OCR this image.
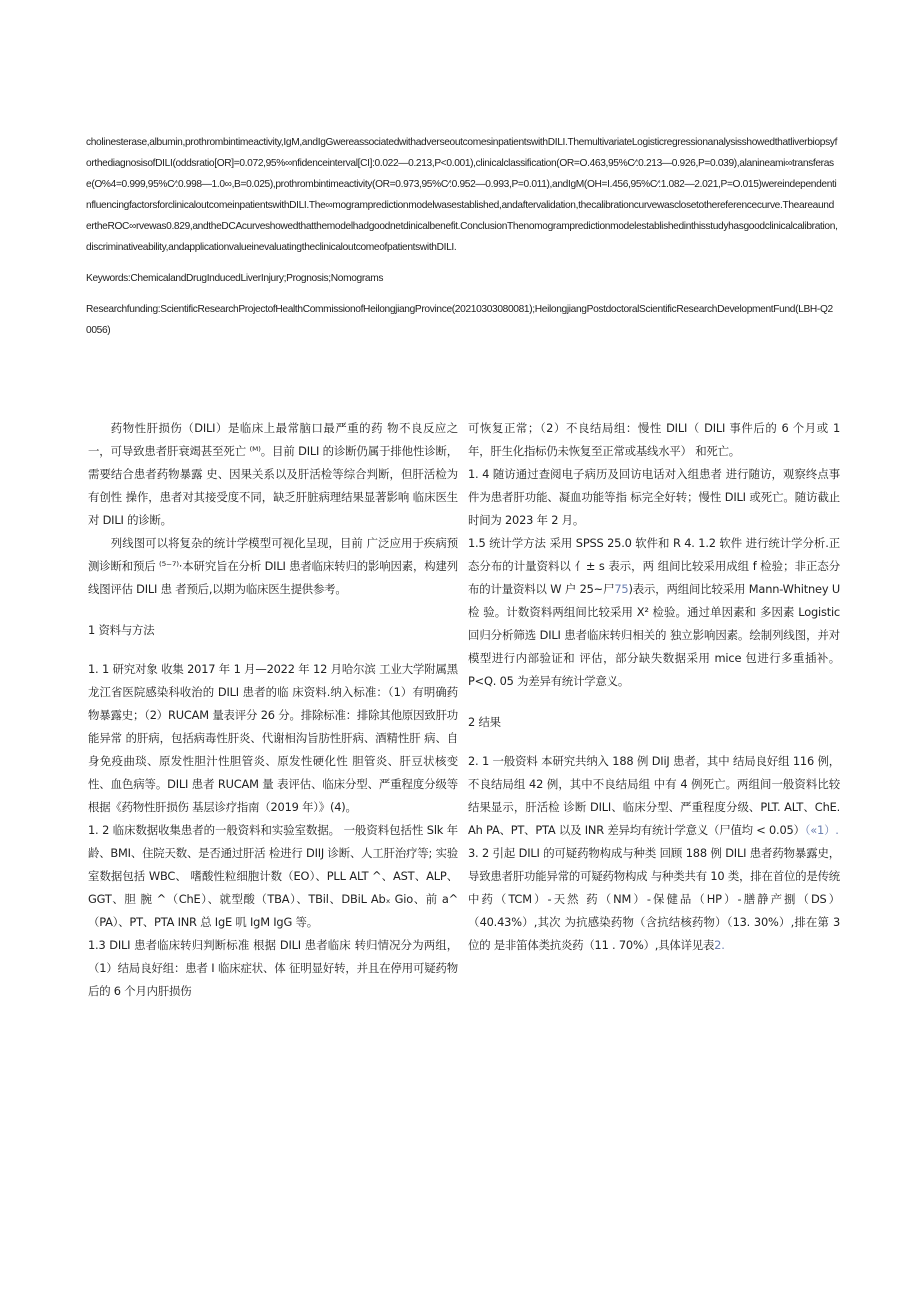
cholinesterase,albumin,prothrombintimeactivity,IgM,andIgGwereassociatedwithadverseoutcomesinpatientswithDILI.ThemultivariateLogisticregressionanalysisshowedthatliverbiopsyforthediagnosisofDILI(oddsratio[OR]=0.072,95%∞nfidenceinterval[CI]:0.022—0.213,P<0.001),clinicalclassification(OR=O.463,95%C∕:0.213—0.926,P=0.039),alanineami∞transferase(O%4=0.999,95%C∕:0.998—1.0∞,B=0.025),prothrombintimeactivity(OR=0.973,95%C∕:0.952—0.993,P=0.011),andIgM(OH=I.456,95%C∕:1.082—2.021,P=O.015)wereindependentinfluencingfactorsforclinicaloutcomeinpatientswithDILI.The∞mogrampredictionmodelwasestablished,andaftervalidation,thecalibrationcurvewasclosetothereferencecurve.TheareaundertheROC∞rvewas0.829,andtheDCAcurveshowedthatthemodelhadgoodnetdinicalbenefit.ConclusionThenomogrampredictionmodelestablishedinthisstudyhasgoodclinicalcalibration,discriminativeability,andapplicationvalueinevaluatingtheclinicaloutcomeofpatientswithDILI.

Keywords:ChemicalandDrugInducedLiverInjury;Prognosis;Nomograms

Researchfunding:ScientificResearchProjectofHealthCommissionofHeilongjiangProvince(20210303080081);HeilongjiangPostdoctoralScientificResearchDevelopmentFund(LBH-Q20056)

药物性肝损伤（DILI）是临床上最常脑口最严重的药 物不良反应之一，可导致患者肝衰竭甚至死亡 ⁽ᴹ⁾。目前 DILI 的诊断仍属于排他性诊断，需要结合患者药物暴露 史、因果关系以及肝活检等综合判断，但肝活检为有创性 操作，患者对其接受度不同，缺乏肝脏病理结果显著影响 临床医生对 DILI 的诊断。

列线图可以将复杂的统计学模型可视化呈现，目前 广泛应用于疾病预测诊断和预后 ⁽⁵⁻⁷⁾·本研究旨在分析 DILI 患者临床转归的影响因素，构建列线图评估 DILI 患 者预后,以期为临床医生提供参考。

1 资料与方法

1. 1 研究对象 收集 2017 年 1 月—2022 年 12 月哈尔滨 工业大学附属黑龙江省医院感染科收治的 DILI 患者的临 床资料.纳入标准：（1）有明确药物暴露史；（2）RUCAM 量表评分 26 分。排除标准：排除其他原因致肝功能异常 的肝病，包括病毒性肝炎、代谢相沟旨肪性肝病、酒精性肝 病、自身免疫曲琰、原发性胆汁性胆管炎、原发性硬化性 胆管炎、肝豆状核变性、血色病等。DILI 患者 RUCAM 量 表评估、临床分型、严重程度分级等根据《药物性肝损伤 基层诊疗指南（2019 年）》(4)。

1. 2 临床数据收集患者的一般资料和实验室数据。 一般资料包括性 Slk 年龄、BMI、住院天数、是否通过肝活 检进行 DIIJ 诊断、人工肝治疗等; 实验室数据包括 WBC、 嗜酸性粒细胞计数（EO）、PLL ALT ^、AST、ALP、GGT、胆 腕 ^（ChE）、就型酸（TBA）、TBil、DBiL Abₓ Gio、前 a^（PA）、PT、PTA INR 总 IgE 叽 IgM IgG 等。

1.3 DILI 患者临床转归判断标准 根据 DILI 患者临床 转归情况分为两组，（1）结局良好组：患者 I 临床症状、体 征明显好转，并且在停用可疑药物后的 6 个月内肝损伤

可恢复正常；（2）不良结局组：慢性 DILI（ DILI 事件后的 6 个月或 1 年，肝生化指标仍未恢复至正常或基线水平） 和死亡。

1. 4 随访通过查阅电子病历及回访电话对入组患者 进行随访，观察终点事件为患者肝功能、凝血功能等指 标完全好转；慢性 DILI 或死亡。随访截止时间为 2023 年 2 月。

1.5 统计学方法 采用 SPSS 25.0 软件和 R 4. 1.2 软件 进行统计学分析.正态分布的计量资料以 亻± s 表示，两 组间比较采用成组 f 检验；非正态分布的计量资料以 W 户 25~尸75)表示，两组间比较采用 Mann-Whitney U 检 验。计数资料两组间比较采用 X² 检验。通过单因素和 多因素 Logistic 回归分析筛选 DILI 患者临床转归相关的 独立影响因素。绘制列线图，并对模型进行内部验证和 评估，部分缺失数据采用 mice 包进行多重插补。P<Q. 05 为差异有统计学意义。

2 结果

2. 1 一般资料 本研究共纳入 188 例 DIiJ 患者，其中 结局良好组 116 例，不良结局组 42 例，其中不良结局组 中有 4 例死亡。两组间一般资料比较结果显示，肝活检 诊断 DILI、临床分型、严重程度分级、PLT. ALT、ChE. Ah PA、PT、PTA 以及 INR 差异均有统计学意义（尸值均 < 0.05）（«1）.

3. 2 引起 DILI 的可疑药物构成与种类 回顾 188 例 DILI 患者药物暴露史，导致患者肝功能异常的可疑药物构成 与种类共有 10 类，排在首位的是传统中药（TCM）-天然 药（NM）-保健品（HP）-膳静产捌（DS）（40.43%）,其次 为抗感染药物（含抗结核药物）（13. 30%）,排在第 3 位的 是非笛体类抗炎药（11 . 70%）,具体详见表2.
